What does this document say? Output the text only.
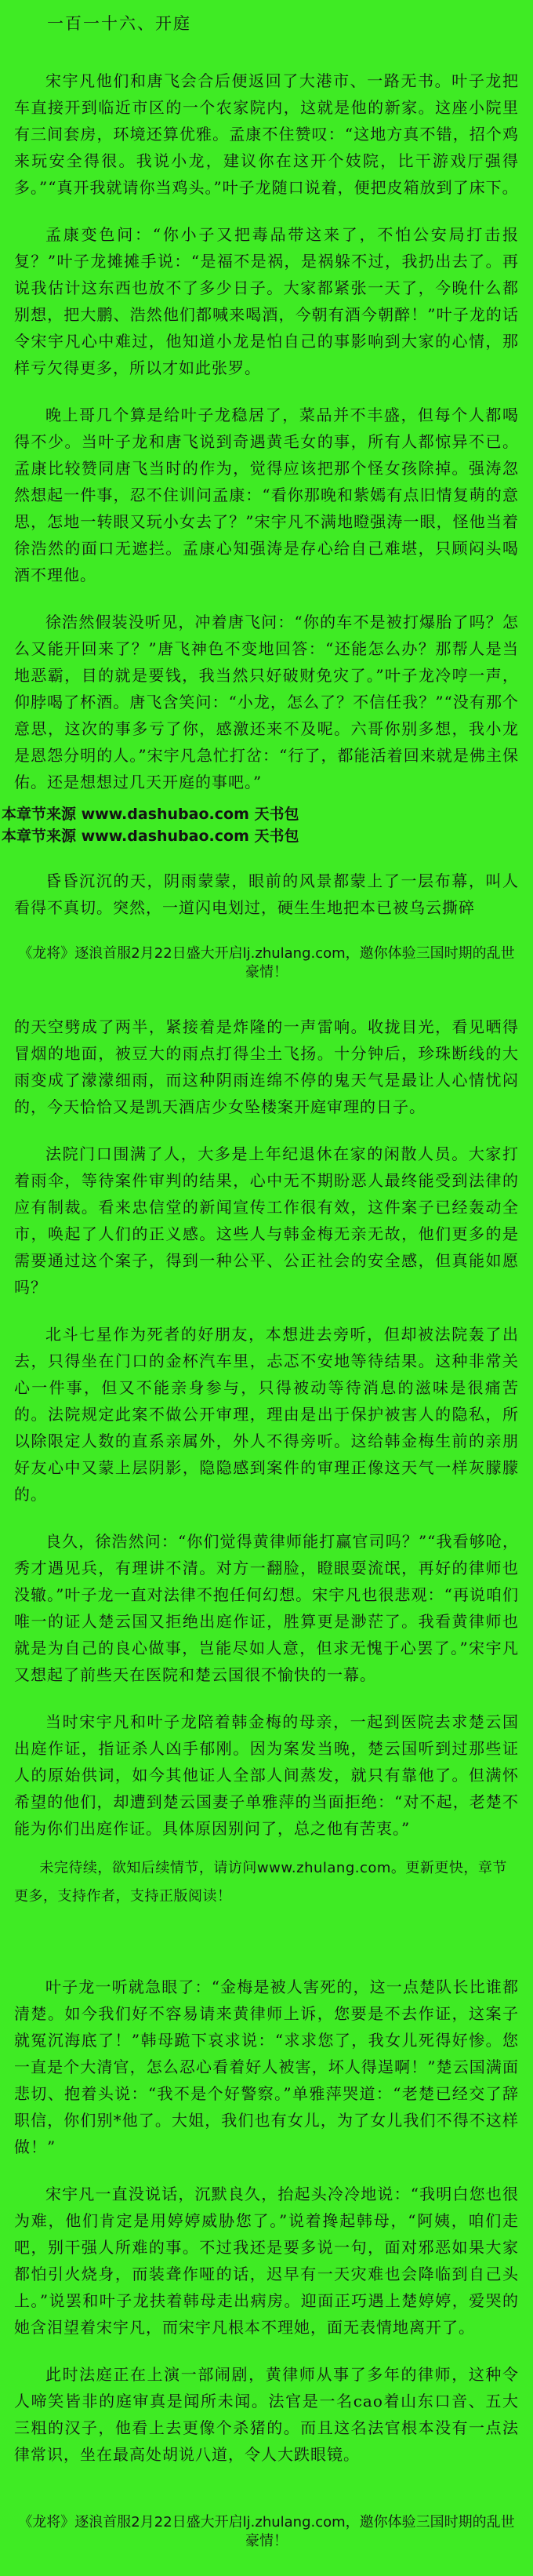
一百一十六、开庭

宋宇凡他们和唐飞会合后便返回了大港市、一路无书。叶子龙把车直接开到临近市区的一个农家院内，这就是他的新家。这座小院里有三间套房，环境还算优雅。孟康不住赞叹：“这地方真不错，招个鸡来玩安全得很。我说小龙，建议你在这开个妓院，比干游戏厅强得多。”“真开我就请你当鸡头。”叶子龙随口说着，便把皮箱放到了床下。

孟康变色问：“你小子又把毒品带这来了，不怕公安局打击报复？”叶子龙摊摊手说：“是福不是祸，是祸躲不过，我扔出去了。再说我估计这东西也放不了多少日子。大家都紧张一天了，今晚什么都别想，把大鹏、浩然他们都喊来喝酒，今朝有酒今朝醉！”叶子龙的话令宋宇凡心中难过，他知道小龙是怕自己的事影响到大家的心情，那样亏欠得更多，所以才如此张罗。

晚上哥几个算是给叶子龙稳居了，菜品并不丰盛，但每个人都喝得不少。当叶子龙和唐飞说到奇遇黄毛女的事，所有人都惊异不已。孟康比较赞同唐飞当时的作为，觉得应该把那个怪女孩除掉。强涛忽然想起一件事，忍不住训问孟康：“看你那晚和紫嫣有点旧情复萌的意思，怎地一转眼又玩小女去了？”宋宇凡不满地瞪强涛一眼，怪他当着徐浩然的面口无遮拦。孟康心知强涛是存心给自己难堪，只顾闷头喝酒不理他。

徐浩然假装没听见，冲着唐飞问：“你的车不是被打爆胎了吗？怎么又能开回来了？”唐飞神色不变地回答：“还能怎么办？那帮人是当地恶霸，目的就是要钱，我当然只好破财免灾了。”叶子龙冷哼一声，仰脖喝了杯酒。唐飞含笑问：“小龙，怎么了？不信任我？”“没有那个意思，这次的事多亏了你，感激还来不及呢。六哥你别多想，我小龙是恩怨分明的人。”宋宇凡急忙打岔：“行了，都能活着回来就是佛主保佑。还是想想过几天开庭的事吧。”

本章节来源 www.dashubao.com 天书包

本章节来源 www.dashubao.com 天书包

昏昏沉沉的天，阴雨蒙蒙，眼前的风景都蒙上了一层布幕，叫人看得不真切。突然，一道闪电划过，硬生生地把本已被乌云撕碎

《龙将》逐浪首服2月22日盛大开启lj.zhulang.com，邀你体验三国时期的乱世豪情！

的天空劈成了两半，紧接着是炸隆的一声雷响。收拢目光，看见晒得冒烟的地面，被豆大的雨点打得尘土飞扬。十分钟后，珍珠断线的大雨变成了濛濛细雨，而这种阴雨连绵不停的鬼天气是最让人心情忧闷的，今天恰恰又是凯天酒店少女坠楼案开庭审理的日子。

法院门口围满了人，大多是上年纪退休在家的闲散人员。大家打着雨伞，等待案件审判的结果，心中无不期盼恶人最终能受到法律的应有制裁。看来忠信堂的新闻宣传工作很有效，这件案子已经轰动全市，唤起了人们的正义感。这些人与韩金梅无亲无故，他们更多的是需要通过这个案子，得到一种公平、公正社会的安全感，但真能如愿吗？

北斗七星作为死者的好朋友，本想进去旁听，但却被法院轰了出去，只得坐在门口的金杯汽车里，忐忑不安地等待结果。这种非常关心一件事，但又不能亲身参与，只得被动等待消息的滋味是很痛苦的。法院规定此案不做公开审理，理由是出于保护被害人的隐私，所以除限定人数的直系亲属外，外人不得旁听。这给韩金梅生前的亲朋好友心中又蒙上层阴影，隐隐感到案件的审理正像这天气一样灰朦朦的。

良久，徐浩然问：“你们觉得黄律师能打赢官司吗？”“我看够呛，秀才遇见兵，有理讲不清。对方一翻脸，瞪眼耍流氓，再好的律师也没辙。”叶子龙一直对法律不抱任何幻想。宋宇凡也很悲观：“再说咱们唯一的证人楚云国又拒绝出庭作证，胜算更是渺茫了。我看黄律师也就是为自己的良心做事，岂能尽如人意，但求无愧于心罢了。”宋宇凡又想起了前些天在医院和楚云国很不愉快的一幕。

当时宋宇凡和叶子龙陪着韩金梅的母亲，一起到医院去求楚云国出庭作证，指证杀人凶手郁刚。因为案发当晚，楚云国听到过那些证人的原始供词，如今其他证人全部人间蒸发，就只有靠他了。但满怀希望的他们，却遭到楚云国妻子单雅萍的当面拒绝：“对不起，老楚不能为你们出庭作证。具体原因别问了，总之他有苦衷。”

未完待续，欲知后续情节，请访问www.zhulang.com。更新更快，章节更多，支持作者，支持正版阅读！

叶子龙一听就急眼了：“金梅是被人害死的，这一点楚队长比谁都清楚。如今我们好不容易请来黄律师上诉，您要是不去作证，这案子就冤沉海底了！”韩母跪下哀求说：“求求您了，我女儿死得好惨。您一直是个大清官，怎么忍心看着好人被害，坏人得逞啊！”楚云国满面悲切、抱着头说：“我不是个好警察。”单雅萍哭道：“老楚已经交了辞职信，你们别*他了。大姐，我们也有女儿，为了女儿我们不得不这样做！”

宋宇凡一直没说话，沉默良久，抬起头冷冷地说：“我明白您也很为难，他们肯定是用婷婷威胁您了。”说着搀起韩母，“阿姨，咱们走吧，别干强人所难的事。不过我还是要多说一句，面对邪恶如果大家都怕引火烧身，而装聋作哑的话，迟早有一天灾难也会降临到自己头上。”说罢和叶子龙扶着韩母走出病房。迎面正巧遇上楚婷婷，爱哭的她含泪望着宋宇凡，而宋宇凡根本不理她，面无表情地离开了。

此时法庭正在上演一部闹剧，黄律师从事了多年的律师，这种令人啼笑皆非的庭审真是闻所未闻。法官是一名cao着山东口音、五大三粗的汉子，他看上去更像个杀猪的。而且这名法官根本没有一点法律常识，坐在最高处胡说八道，令人大跌眼镜。

《龙将》逐浪首服2月22日盛大开启lj.zhulang.com，邀你体验三国时期的乱世豪情！
